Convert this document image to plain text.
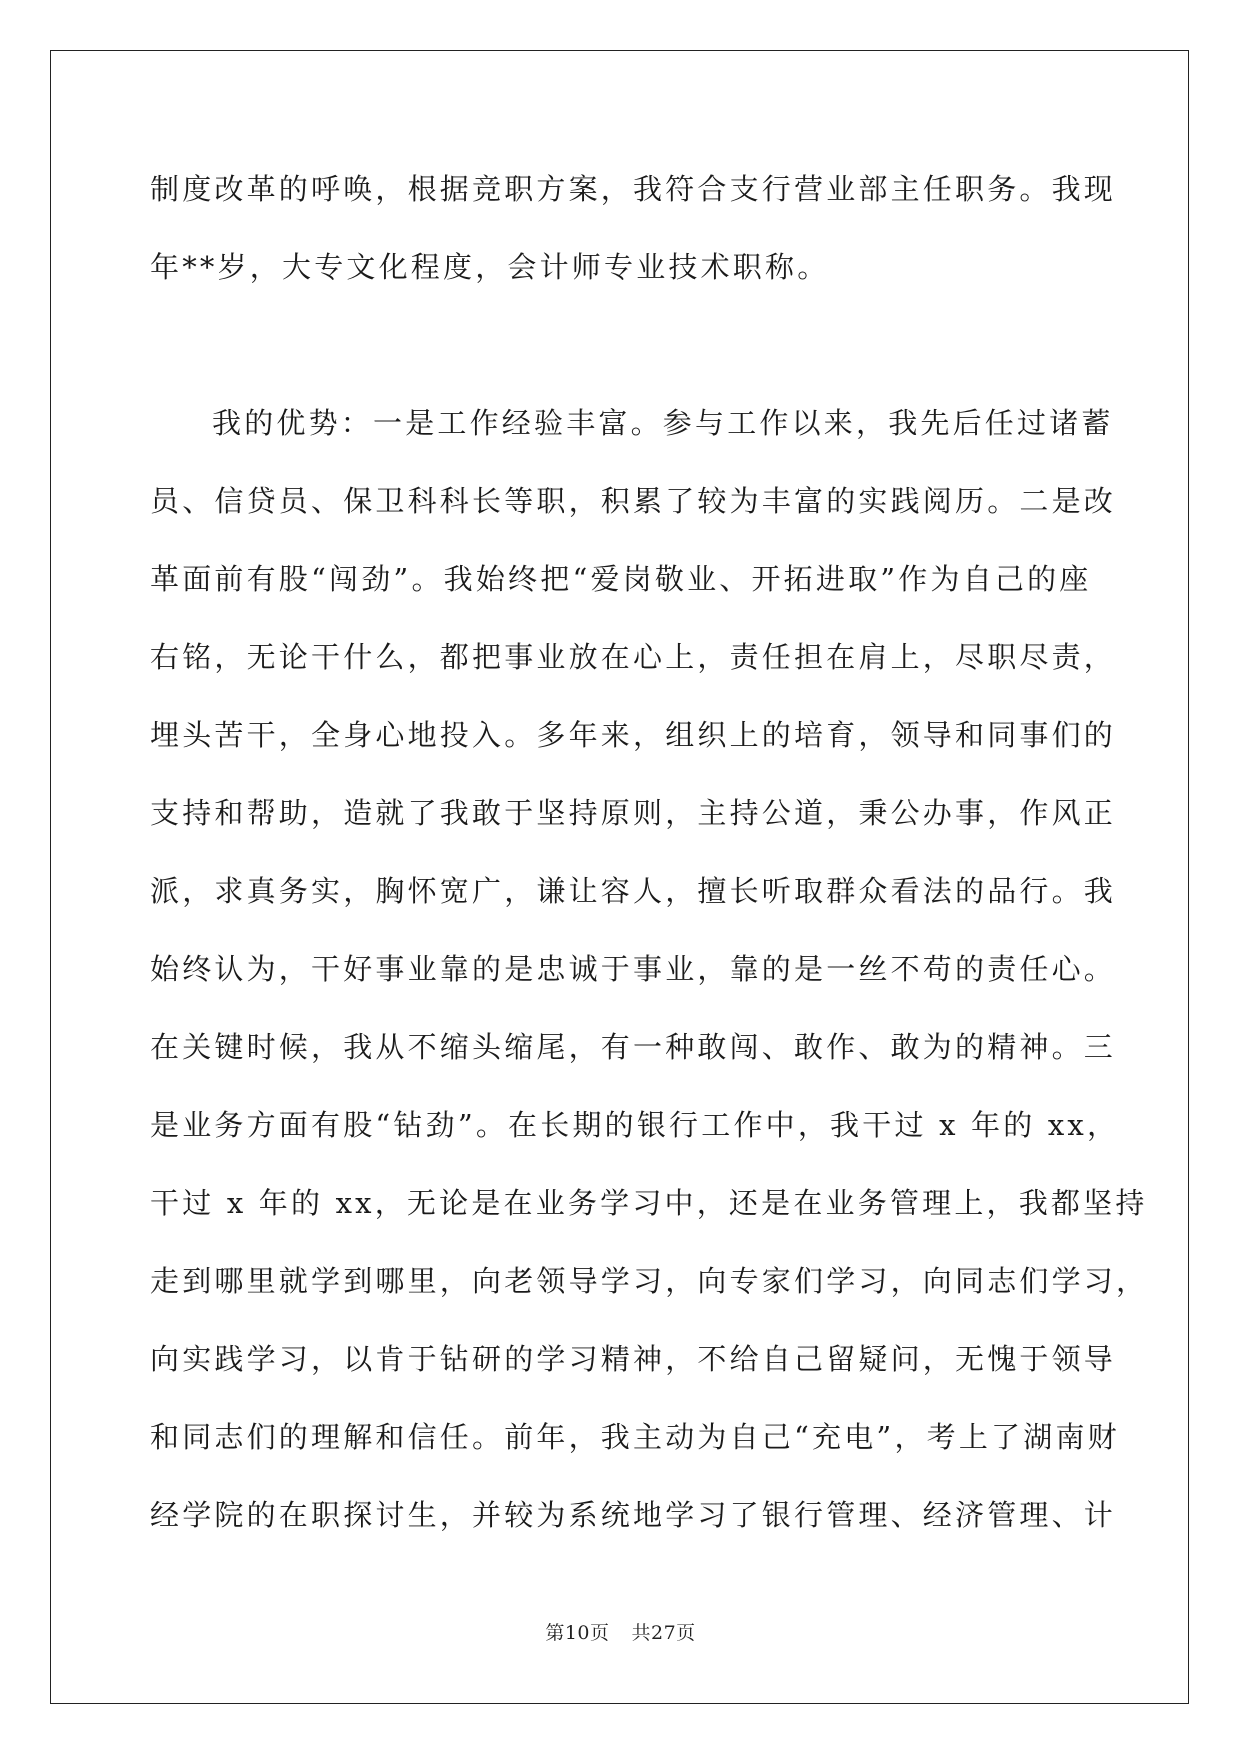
制度改革的呼唤，根据竞职方案，我符合支行营业部主任职务。我现
年**岁，大专文化程度，会计师专业技术职称。
我的优势：一是工作经验丰富。参与工作以来，我先后任过诸蓄
员、信贷员、保卫科科长等职，积累了较为丰富的实践阅历。二是改
革面前有股“闯劲”。我始终把“爱岗敬业、开拓进取”作为自己的座
右铭，无论干什么，都把事业放在心上，责任担在肩上，尽职尽责，
埋头苦干，全身心地投入。多年来，组织上的培育，领导和同事们的
支持和帮助，造就了我敢于坚持原则，主持公道，秉公办事，作风正
派，求真务实，胸怀宽广，谦让容人，擅长听取群众看法的品行。我
始终认为，干好事业靠的是忠诚于事业，靠的是一丝不苟的责任心。
在关键时候，我从不缩头缩尾，有一种敢闯、敢作、敢为的精神。三
是业务方面有股“钻劲”。在长期的银行工作中，我干过 x 年的 xx，
干过 x 年的 xx，无论是在业务学习中，还是在业务管理上，我都坚持
走到哪里就学到哪里，向老领导学习，向专家们学习，向同志们学习，
向实践学习，以肯于钻研的学习精神，不给自己留疑问，无愧于领导
和同志们的理解和信任。前年，我主动为自己“充电”，考上了湖南财
经学院的在职探讨生，并较为系统地学习了银行管理、经济管理、计
第10页 共27页
